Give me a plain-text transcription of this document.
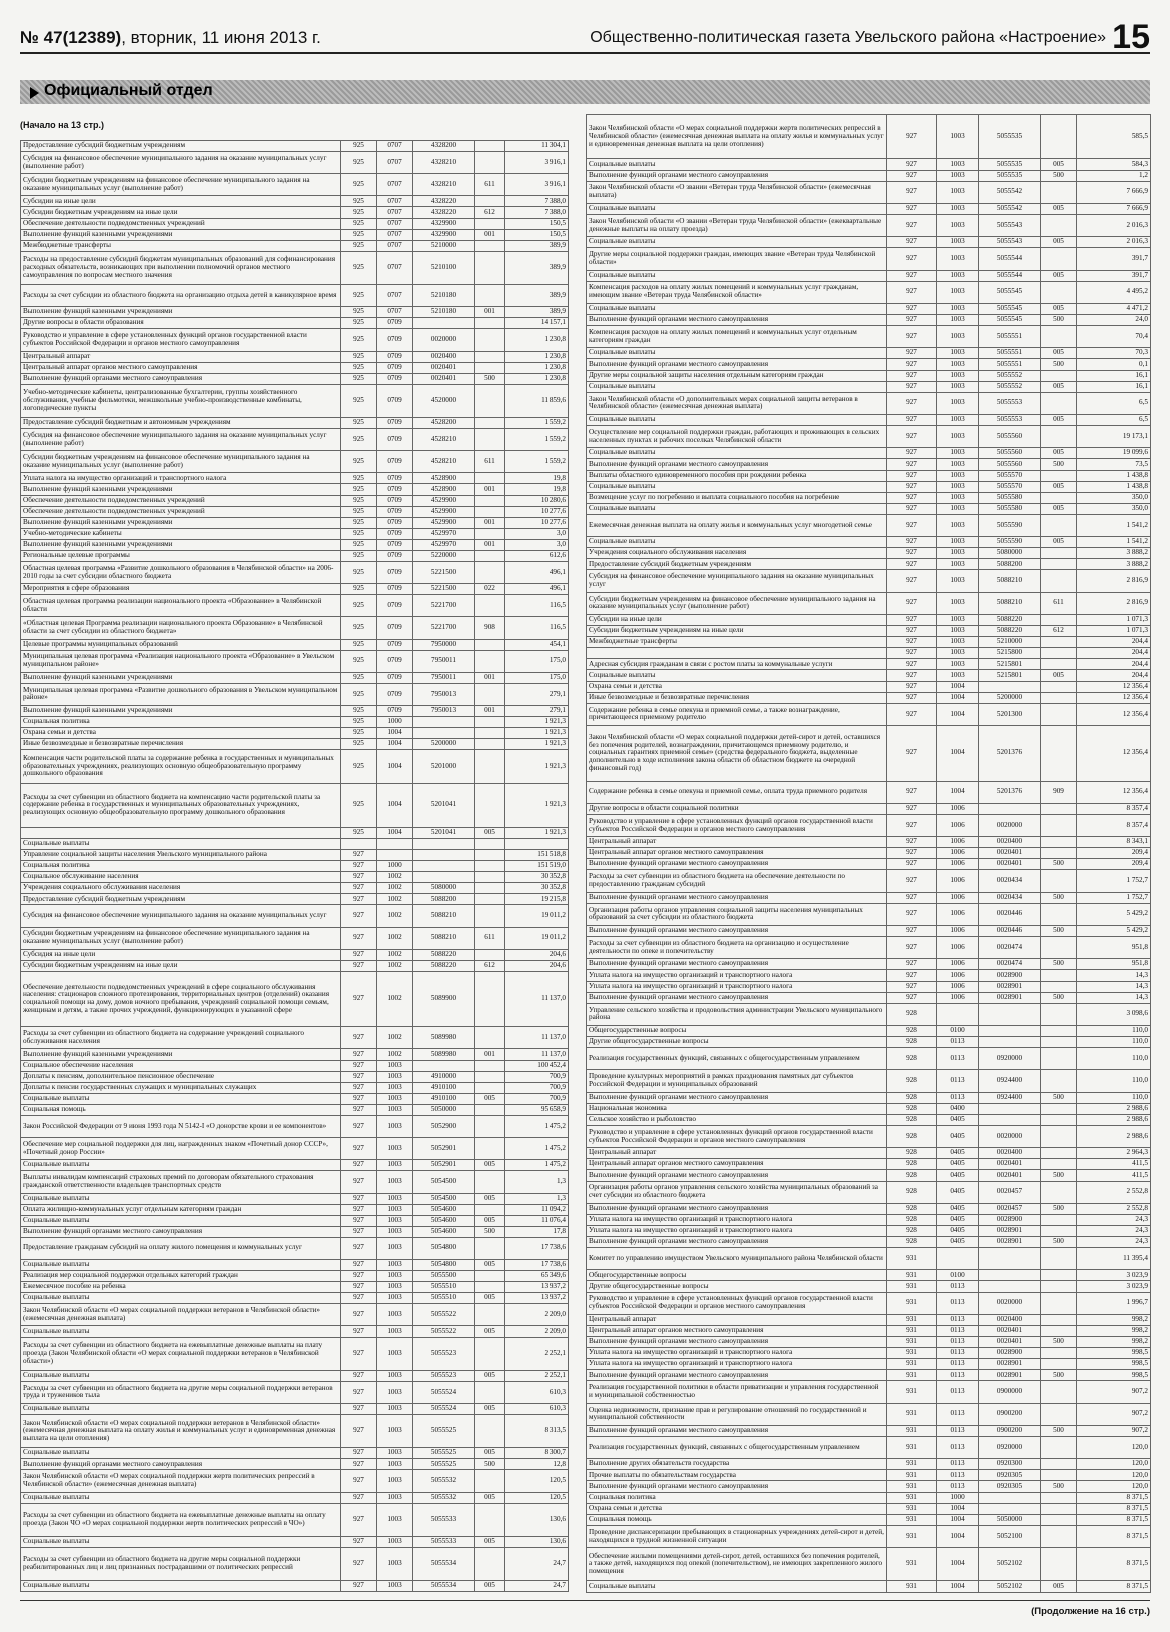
№ 47(12389), вторник, 11 июня 2013 г.	Общественно-политическая газета Увельского района «Настроение» 15
Официальный отдел
(Начало на 13 стр.)
Предоставление субсидий бюджетным учреждениям	925	0707	4328200		11 304,1
Субсидия на финансовое обеспечение муниципального задания на оказание муниципальных услуг (выполнение работ)	925	0707	4328210		3 916,1
Субсидии бюджетным учреждениям на финансовое обеспечение муниципального задания на оказание муниципальных услуг (выполнение работ)	925	0707	4328210	611	3 916,1
Субсидии на иные цели	925	0707	4328220		7 388,0
Субсидии бюджетным учреждениям на иные цели	925	0707	4328220	612	7 388,0
Обеспечение деятельности подведомственных учреждений	925	0707	4329900		150,5
Выполнение функций казенными учреждениями	925	0707	4329900	001	150,5
Межбюджетные трансферты	925	0707	5210000		389,9
Расходы на предоставление субсидий бюджетам муниципальных образований для софинансирования расходных обязательств, возникающих при выполнении полномочий органов местного самоуправления по вопросам местного значения	925	0707	5210100		389,9
Расходы за счет субсидии из областного бюджета на организацию отдыха детей в каникулярное время	925	0707	5210180		389,9
Выполнение функций казенными учреждениями	925	0707	5210180	001	389,9
Другие вопросы в области образования	925	0709			14 157,1
Руководство и управление в сфере установленных функций органов государственной власти субъектов Российской Федерации и органов местного самоуправления	925	0709	0020000		1 230,8
Центральный аппарат	925	0709	0020400		1 230,8
Центральный аппарат органов местного самоуправления	925	0709	0020401		1 230,8
Выполнение функций органами местного самоуправления	925	0709	0020401	500	1 230,8
Учебно-методические кабинеты, централизованные бухгалтерии, группы хозяйственного обслуживания, учебные фильмотеки, межшкольные учебно-производственные комбинаты, логопедические пункты	925	0709	4520000		11 859,6
Предоставление субсидий бюджетным и автономным учреждениям	925	0709	4528200		1 559,2
Субсидия на финансовое обеспечение муниципального задания на оказание муниципальных услуг (выполнение работ)	925	0709	4528210		1 559,2
Субсидии бюджетным учреждениям на финансовое обеспечение муниципального задания на оказание муниципальных услуг (выполнение работ)	925	0709	4528210	611	1 559,2
Уплата налога на имущество организаций и транспортного налога	925	0709	4528900		19,8
Выполнение функций казенными учреждениями	925	0709	4528900	001	19,8
Обеспечение деятельности подведомственных учреждений	925	0709	4529900		10 280,6
Обеспечение деятельности подведомственных учреждений	925	0709	4529900		10 277,6
Выполнение функций казенными учреждениями	925	0709	4529900	001	10 277,6
Учебно-методические кабинеты	925	0709	4529970		3,0
Выполнение функций казенными учреждениями	925	0709	4529970	001	3,0
Региональные целевые программы	925	0709	5220000		612,6
Областная целевая программа «Развитие дошкольного образования в Челябинской области» на 2006-2010 годы за счет субсидии областного бюджета	925	0709	5221500		496,1
Мероприятия в сфере образования	925	0709	5221500	022	496,1
Областная целевая программа реализации национального проекта «Образование» в Челябинской области	925	0709	5221700		116,5
«Областная целевая Программа реализации национального проекта Образование» в Челябинской области за счет субсидии из областного бюджета»	925	0709	5221700	908	116,5
Целевые программы муниципальных образований	925	0709	7950000		454,1
Муниципальная целевая программа «Реализация национального проекта «Образование» в Увельском муниципальном районе»	925	0709	7950011		175,0
Выполнение функций казенными учреждениями	925	0709	7950011	001	175,0
Муниципальная целевая программа «Развитие дошкольного образования в Увельском муниципальном районе»	925	0709	7950013		279,1
Выполнение функций казенными учреждениями	925	0709	7950013	001	279,1
Социальная политика	925	1000			1 921,3
Охрана семьи и детства	925	1004			1 921,3
Иные безвозмездные и безвозвратные перечисления	925	1004	5200000		1 921,3
Компенсация части родительской платы за содержание ребенка в государственных и муниципальных образовательных учреждениях, реализующих основную общеобразовательную программу дошкольного образования	925	1004	5201000		1 921,3
Расходы за счет субвенции из областного бюджета на компенсацию части родительской платы за содержание ребенка в государственных и муниципальных образовательных учреждениях, реализующих основную общеобразовательную программу дошкольного образования	925	1004	5201041		1 921,3
	925	1004	5201041	005	1 921,3
Социальные выплаты					
Управление социальной защиты населения Увельского муниципального района	927				151 518,8
Социальная политика	927	1000			151 519,0
Социальное обслуживание населения	927	1002			30 352,8
Учреждения социального обслуживания населения	927	1002	5080000		30 352,8
Предоставление субсидий бюджетным учреждениям	927	1002	5088200		19 215,8
Субсидия на финансовое обеспечение муниципального задания на оказание муниципальных услуг	927	1002	5088210		19 011,2
Субсидии бюджетным учреждениям на финансовое обеспечение муниципального задания на оказание муниципальных услуг (выполнение работ)	927	1002	5088210	611	19 011,2
Субсидия на иные цели	927	1002	5088220		204,6
Субсидии бюджетным учреждениям на иные цели	927	1002	5088220	612	204,6
Обеспечение деятельности подведомственных учреждений в сфере социального обслуживания населения: стационаров сложного протезирования, территориальных центров (отделений) оказания социальной помощи на дому, домов ночного пребывания, учреждений социальной помощи семьям, женщинам и детям, а также прочих учреждений, функционирующих в указанной сфере	927	1002	5089900		11 137,0
Расходы за счет субвенции из областного бюджета на содержание учреждений социального обслуживания населения	927	1002	5089980		11 137,0
Выполнение функций казенными учреждениями	927	1002	5089980	001	11 137,0
Социальное обеспечение населения	927	1003			100 452,4
Доплаты к пенсиям, дополнительное пенсионное обеспечение	927	1003	4910000		700,9
Доплаты к пенсии государственных служащих и муниципальных служащих	927	1003	4910100		700,9
Социальные выплаты	927	1003	4910100	005	700,9
Социальная помощь	927	1003	5050000		95 658,9
Закон Российской Федерации от 9 июня 1993 года N 5142-I «О донорстве крови и ее компонентов»	927	1003	5052900		1 475,2
Обеспечение мер социальной поддержки для лиц, награжденных знаком «Почетный донор СССР», «Почетный донор России»	927	1003	5052901		1 475,2
Социальные выплаты	927	1003	5052901	005	1 475,2
Выплаты инвалидам компенсаций страховых премий по договорам обязательного страхования гражданской ответственности владельцев транспортных средств	927	1003	5054500		1,3
Социальные выплаты	927	1003	5054500	005	1,3
Оплата жилищно-коммунальных услуг отдельным категориям граждан	927	1003	5054600		11 094,2
Социальные выплаты	927	1003	5054600	005	11 076,4
Выполнение функций органами местного самоуправления	927	1003	5054600	500	17,8
Предоставление гражданам субсидий на оплату жилого помещения и коммунальных услуг	927	1003	5054800		17 738,6
Социальные выплаты	927	1003	5054800	005	17 738,6
Реализация мер социальной поддержки отдельных категорий граждан	927	1003	5055500		65 349,6
Ежемесячное пособие на ребенка	927	1003	5055510		13 937,2
Социальные выплаты	927	1003	5055510	005	13 937,2
Закон Челябинской области «О мерах социальной поддержки ветеранов в Челябинской области» (ежемесячная денежная выплата)	927	1003	5055522		2 209,0
Социальные выплаты	927	1003	5055522	005	2 209,0
Расходы за счет субвенции из областного бюджета на ежевыплатные денежные выплаты на плату проезда (Закон Челябинской области «О мерах социальной поддержки ветеранов в Челябинской области»)	927	1003	5055523		2 252,1
Социальные выплаты	927	1003	5055523	005	2 252,1
Расходы за счет субвенции из областного бюджета на другие меры социальной поддержки ветеранов труда и тружеников тыла	927	1003	5055524		610,3
Социальные выплаты	927	1003	5055524	005	610,3
Закон Челябинской области «О мерах социальной поддержки ветеранов в Челябинской области» (ежемесячная денежная выплата на оплату жилья и коммунальных услуг и единовременная денежная выплата на цели отопления)	927	1003	5055525		8 313,5
Социальные выплаты	927	1003	5055525	005	8 300,7
Выполнение функций органами местного самоуправления	927	1003	5055525	500	12,8
Закон Челябинской области «О мерах социальной поддержки жертв политических репрессий в Челябинской области» (ежемесячная денежная выплата)	927	1003	5055532		120,5
Социальные выплаты	927	1003	5055532	005	120,5
Расходы за счет субвенции из областного бюджета на ежевыплатные денежные выплаты на оплату проезда (Закон ЧО «О мерах социальной поддержки жертв политических репрессий в ЧО»)	927	1003	5055533		130,6
Социальные выплаты	927	1003	5055533	005	130,6
Расходы за счет субвенции из областного бюджета на другие меры социальной поддержки реабилитированных лиц и лиц признанных пострадавшими от политических репрессий	927	1003	5055534		24,7
Социальные выплаты	927	1003	5055534	005	24,7
Закон Челябинской области «О мерах социальной поддержки жертв политических репрессий в Челябинской области» (ежемесячная денежная выплата на оплату жилья и коммунальных услуг и единовременная денежная выплата на цели отопления)	927	1003	5055535		585,5
Социальные выплаты	927	1003	5055535	005	584,3
Выполнение функций органами местного самоуправления	927	1003	5055535	500	1,2
Закон Челябинской области «О звании «Ветеран труда Челябинской области» (ежемесячная выплата)	927	1003	5055542		7 666,9
Социальные выплаты	927	1003	5055542	005	7 666,9
Закон Челябинской области «О звании «Ветеран труда Челябинской области» (ежеквартальные денежные выплаты на оплату проезда)	927	1003	5055543		2 016,3
Социальные выплаты	927	1003	5055543	005	2 016,3
Другие меры социальной поддержки граждан, имеющих звание «Ветеран труда Челябинской области»	927	1003	5055544		391,7
Социальные выплаты	927	1003	5055544	005	391,7
Компенсация расходов на оплату жилых помещений и коммунальных услуг гражданам, имеющим звание «Ветеран труда Челябинской области»	927	1003	5055545		4 495,2
Социальные выплаты	927	1003	5055545	005	4 471,2
Выполнение функций органами местного самоуправления	927	1003	5055545	500	24,0
Компенсация расходов на оплату жилых помещений и коммунальных услуг отдельным категориям граждан	927	1003	5055551		70,4
Социальные выплаты	927	1003	5055551	005	70,3
Выполнение функций органами местного самоуправления	927	1003	5055551	500	0,1
Другие меры социальной защиты населения отдельным категориям граждан	927	1003	5055552		16,1
Социальные выплаты	927	1003	5055552	005	16,1
Закон Челябинской области «О дополнительных мерах социальной защиты ветеранов в Челябинской области» (ежемесячная денежная выплата)	927	1003	5055553		6,5
Социальные выплаты	927	1003	5055553	005	6,5
Осуществление мер социальной поддержки граждан, работающих и проживающих в сельских населенных пунктах и рабочих поселках Челябинской области	927	1003	5055560		19 173,1
Социальные выплаты	927	1003	5055560	005	19 099,6
Выполнение функций органами местного самоуправления	927	1003	5055560	500	73,5
Выплаты областного единовременного пособия при рождении ребенка	927	1003	5055570		1 438,8
Социальные выплаты	927	1003	5055570	005	1 438,8
Возмещение услуг по погребению и выплата социального пособия на погребение	927	1003	5055580		350,0
Социальные выплаты	927	1003	5055580	005	350,0
Ежемесячная денежная выплата на оплату жилья и коммунальных услуг многодетной семье	927	1003	5055590		1 541,2
Социальные выплаты	927	1003	5055590	005	1 541,2
Учреждения социального обслуживания населения	927	1003	5080000		3 888,2
Предоставление субсидий бюджетным учреждениям	927	1003	5088200		3 888,2
Субсидия на финансовое обеспечение муниципального задания на оказание муниципальных услуг	927	1003	5088210		2 816,9
Субсидии бюджетным учреждениям на финансовое обеспечение муниципального задания на оказание муниципальных услуг (выполнение работ)	927	1003	5088210	611	2 816,9
Субсидии на иные цели	927	1003	5088220		1 071,3
Субсидии бюджетным учреждениям на иные цели	927	1003	5088220	612	1 071,3
Межбюджетные трансферты	927	1003	5210000		204,4
	927	1003	5215800		204,4
Адресная субсидия гражданам в связи с ростом платы за коммунальные услуги	927	1003	5215801		204,4
Социальные выплаты	927	1003	5215801	005	204,4
Охрана семьи и детства	927	1004			12 356,4
Иные безвозмездные и безвозвратные перечисления	927	1004	5200000		12 356,4
Содержание ребенка в семье опекуна и приемной семье, а также вознаграждение, причитающееся приемному родителю	927	1004	5201300		12 356,4
Закон Челябинской области «О мерах социальной поддержки детей-сирот и детей, оставшихся без попечения родителей, вознаграждении, причитающемся приемному родителю, и социальных гарантиях приемной семье» (средства федерального бюджета, выделенные дополнительно в ходе исполнения закона области об областном бюджете на очередной финансовый год)	927	1004	5201376		12 356,4
Содержание ребенка в семье опекуна и приемной семье, оплата труда приемного родителя	927	1004	5201376	909	12 356,4
Другие вопросы в области социальной политики	927	1006			8 357,4
Руководство и управление в сфере установленных функций органов государственной власти субъектов Российской Федерации и органов местного самоуправления	927	1006	0020000		8 357,4
Центральный аппарат	927	1006	0020400		8 343,1
Центральный аппарат органов местного самоуправления	927	1006	0020401		209,4
Выполнение функций органами местного самоуправления	927	1006	0020401	500	209,4
Расходы за счет субвенции из областного бюджета на обеспечение деятельности по предоставлению гражданам субсидий	927	1006	0020434		1 752,7
Выполнение функций органами местного самоуправления	927	1006	0020434	500	1 752,7
Организация работы органов управления социальной защиты населения муниципальных образований за счет субсидии из областного бюджета	927	1006	0020446		5 429,2
Выполнение функций органами местного самоуправления	927	1006	0020446	500	5 429,2
Расходы за счет субвенции из областного бюджета на организацию и осуществление деятельности по опеке и попечительству	927	1006	0020474		951,8
Выполнение функций органами местного самоуправления	927	1006	0020474	500	951,8
Уплата налога на имущество организаций и транспортного налога	927	1006	0028900		14,3
Уплата налога на имущество организаций и транспортного налога	927	1006	0028901		14,3
Выполнение функций органами местного самоуправления	927	1006	0028901	500	14,3
Управление сельского хозяйства и продовольствия администрации Увельского муниципального района	928				3 098,6
Общегосударственные вопросы	928	0100			110,0
Другие общегосударственные вопросы	928	0113			110,0
Реализация государственных функций, связанных с общегосударственным управлением	928	0113	0920000		110,0
Проведение культурных мероприятий в рамках празднования памятных дат субъектов Российской Федерации и муниципальных образований	928	0113	0924400		110,0
Выполнение функций органами местного самоуправления	928	0113	0924400	500	110,0
Национальная экономика	928	0400			2 988,6
Сельское хозяйство и рыболовство	928	0405			2 988,6
Руководство и управление в сфере установленных функций органов государственной власти субъектов Российской Федерации и органов местного самоуправления	928	0405	0020000		2 988,6
Центральный аппарат	928	0405	0020400		2 964,3
Центральный аппарат органов местного самоуправления	928	0405	0020401		411,5
Выполнение функций органами местного самоуправления	928	0405	0020401	500	411,5
Организация работы органов управления сельского хозяйства муниципальных образований за счет субсидии из областного бюджета	928	0405	0020457		2 552,8
Выполнение функций органами местного самоуправления	928	0405	0020457	500	2 552,8
Уплата налога на имущество организаций и транспортного налога	928	0405	0028900		24,3
Уплата налога на имущество организаций и транспортного налога	928	0405	0028901		24,3
Выполнение функций органами местного самоуправления	928	0405	0028901	500	24,3
Комитет по управлению имуществом Увельского муниципального района Челябинской области	931				11 395,4
Общегосударственные вопросы	931	0100			3 023,9
Другие общегосударственные вопросы	931	0113			3 023,9
Руководство и управление в сфере установленных функций органов государственной власти субъектов Российской Федерации и органов местного самоуправления	931	0113	0020000		1 996,7
Центральный аппарат	931	0113	0020400		998,2
Центральный аппарат органов местного самоуправления	931	0113	0020401		998,2
Выполнение функций органами местного самоуправления	931	0113	0020401	500	998,2
Уплата налога на имущество организаций и транспортного налога	931	0113	0028900		998,5
Уплата налога на имущество организаций и транспортного налога	931	0113	0028901		998,5
Выполнение функций органами местного самоуправления	931	0113	0028901	500	998,5
Реализация государственной политики в области приватизации и управления государственной и муниципальной собственностью	931	0113	0900000		907,2
Оценка недвижимости, признание прав и регулирование отношений по государственной и муниципальной собственности	931	0113	0900200		907,2
Выполнение функций органами местного самоуправления	931	0113	0900200	500	907,2
Реализация государственных функций, связанных с общегосударственным управлением	931	0113	0920000		120,0
Выполнение других обязательств государства	931	0113	0920300		120,0
Прочие выплаты по обязательствам государства	931	0113	0920305		120,0
Выполнение функций органами местного самоуправления	931	0113	0920305	500	120,0
Социальная политика	931	1000			8 371,5
Охрана семьи и детства	931	1004			8 371,5
Социальная помощь	931	1004	5050000		8 371,5
Проведение диспансеризации пребывающих в стационарных учреждениях детей-сирот и детей, находящихся в трудной жизненной ситуации	931	1004	5052100		8 371,5
Обеспечение жилыми помещениями детей-сирот, детей, оставшихся без попечения родителей, а также детей, находящихся под опекой (попечительством), не имеющих закрепленного жилого помещения	931	1004	5052102		8 371,5
Социальные выплаты	931	1004	5052102	005	8 371,5
(Продолжение на 16 стр.)
